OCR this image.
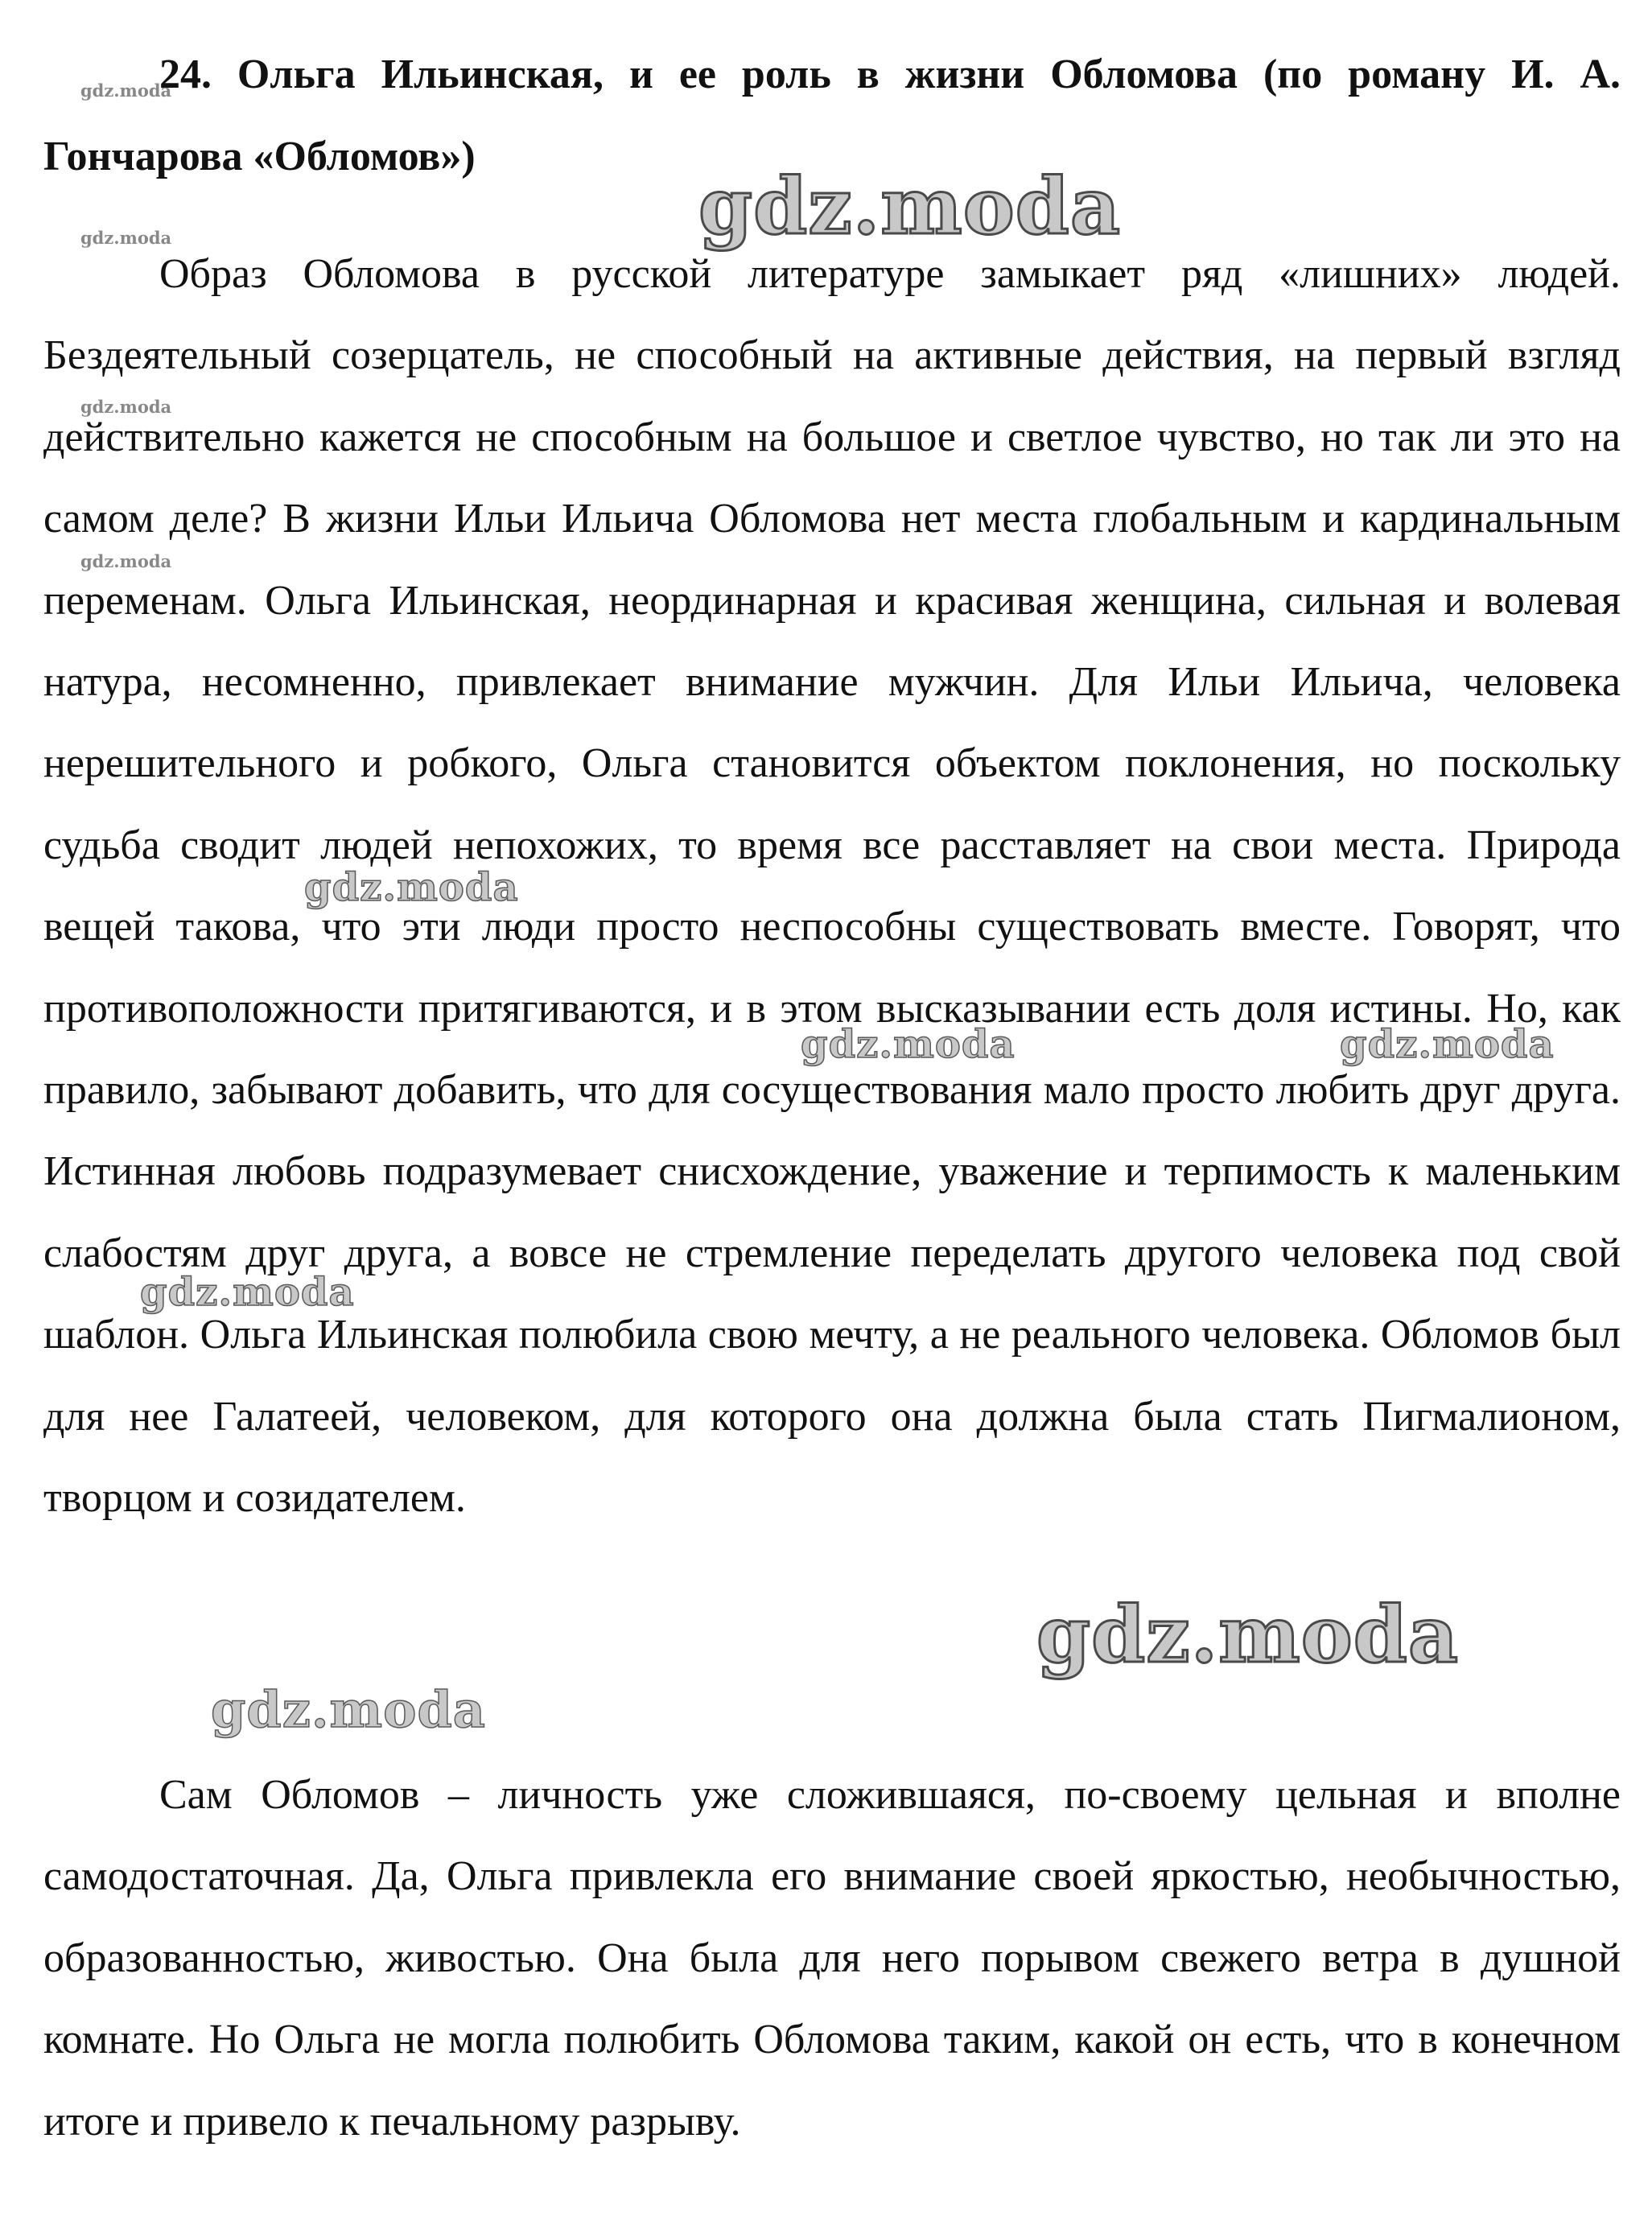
24. Ольга Ильинская, и ее роль в жизни Обломова (по роману И. А. Гончарова «Обломов»)

Образ Обломова в русской литературе замыкает ряд «лишних» людей. Бездеятельный созерцатель, не способный на активные действия, на первый взгляд действительно кажется не способным на большое и светлое чувство, но так ли это на самом деле? В жизни Ильи Ильича Обломова нет места глобальным и кардинальным переменам. Ольга Ильинская, неординарная и красивая женщина, сильная и волевая натура, несомненно, привлекает внимание мужчин. Для Ильи Ильича, человека нерешительного и робкого, Ольга становится объектом поклонения, но поскольку судьба сводит людей непохожих, то время все расставляет на свои места. Природа вещей такова, что эти люди просто неспособны существовать вместе. Говорят, что противоположности притягиваются, и в этом высказывании есть доля истины. Но, как правило, забывают добавить, что для сосуществования мало просто любить друг друга. Истинная любовь подразумевает снисхождение, уважение и терпимость к маленьким слабостям друг друга, а вовсе не стремление переделать другого человека под свой шаблон. Ольга Ильинская полюбила свою мечту, а не реального человека. Обломов был для нее Галатеей, человеком, для которого она должна была стать Пигмалионом, творцом и созидателем.

Сам Обломов – личность уже сложившаяся, по-своему цельная и вполне самодостаточная. Да, Ольга привлекла его внимание своей яркостью, необычностью, образованностью, живостью. Она была для него порывом свежего ветра в душной комнате. Но Ольга не могла полюбить Обломова таким, какой он есть, что в конечном итоге и привело к печальному разрыву.

gdz.moda
gdz.moda
gdz.moda
gdz.moda
gdz.moda
gdz.moda
gdz.moda	gdz.moda
gdz.moda
gdz.moda
gdz.moda
